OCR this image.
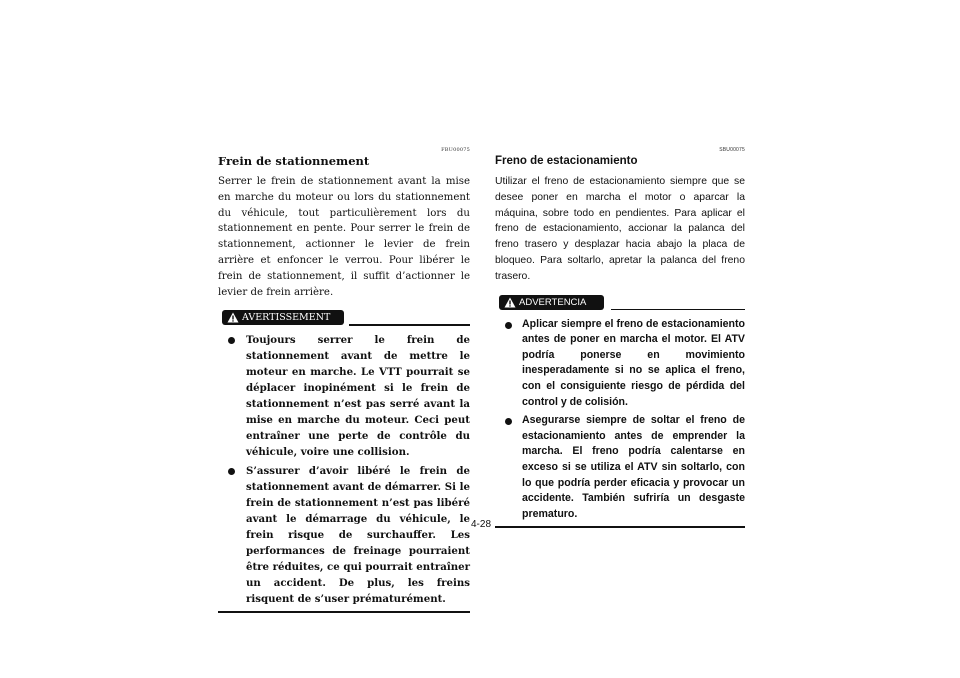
FBU00075
Frein de stationnement

Serrer le frein de stationnement avant la mise en marche du moteur ou lors du stationnement du véhicule, tout particulièrement lors du stationnement en pente. Pour serrer le frein de stationnement, actionner le levier de frein arrière et enfoncer le verrou. Pour libérer le frein de stationnement, il suffit d’actionner le levier de frein arrière.

AVERTISSEMENT
Toujours serrer le frein de stationnement avant de mettre le moteur en marche. Le VTT pourrait se déplacer inopinément si le frein de stationnement n’est pas serré avant la mise en marche du moteur. Ceci peut entraîner une perte de contrôle du véhicule, voire une collision.
S’assurer d’avoir libéré le frein de stationnement avant de démarrer. Si le frein de stationnement n’est pas libéré avant le démarrage du véhicule, le frein risque de surchauffer. Les performances de freinage pourraient être réduites, ce qui pourrait entraîner un accident. De plus, les freins risquent de s’user prématurément.
SBU00075
Freno de estacionamiento

Utilizar el freno de estacionamiento siempre que se desee poner en marcha el motor o aparcar la máquina, sobre todo en pendientes. Para aplicar el freno de estacionamiento, accionar la palanca del freno trasero y desplazar hacia abajo la placa de bloqueo. Para soltarlo, apretar la palanca del freno trasero.

ADVERTENCIA
Aplicar siempre el freno de estacionamiento antes de poner en marcha el motor. El ATV podría ponerse en movimiento inesperadamente si no se aplica el freno, con el consiguiente riesgo de pérdida del control y de colisión.
Asegurarse siempre de soltar el freno de estacionamiento antes de emprender la marcha. El freno podría calentarse en exceso si se utiliza el ATV sin soltarlo, con lo que podría perder eficacia y provocar un accidente. También sufriría un desgaste prematuro.
4-28
